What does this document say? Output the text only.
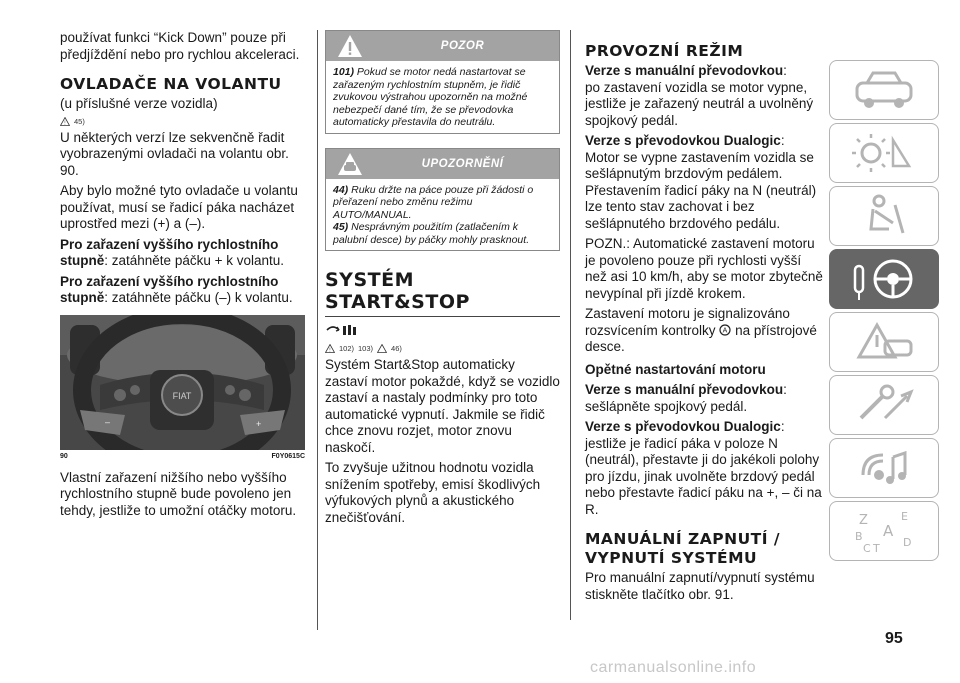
používat funkci “Kick Down” pouze při předjíždění nebo pro rychlou akceleraci.

OVLADAČE NA VOLANTU

(u příslušné verze vozidla)

! 45)

U některých verzí lze sekvenčně řadit vyobrazenými ovladači na volantu obr. 90.

Aby bylo možné tyto ovladače u volantu používat, musí se řadicí páka nacházet uprostřed mezi (+) a (–).

Pro zařazení vyššího rychlostního stupně: zatáhněte páčku + k volantu.

Pro zařazení vyššího rychlostního stupně: zatáhněte páčku (–) k volantu.

FIAT
–	+
90	F0Y0615C

Vlastní zařazení nižšího nebo vyššího rychlostního stupně bude povoleno jen tehdy, jestliže to umožní otáčky motoru.

POZOR
101) Pokud se motor nedá nastartovat se zařazeným rychlostním stupněm, je řidič zvukovou výstrahou upozorněn na možné nebezpečí dané tím, že se převodovka automaticky přestavila do neutrálu.
UPOZORNĚNÍ
44) Ruku držte na páce pouze při žádosti o přeřazení nebo změnu režimu AUTO/MANUAL.
45) Nesprávným použitím (zatlačením k palubní desce) by páčky mohly prasknout.
SYSTÉM
START&STOP
! 102) 103) 46)

Systém Start&Stop automaticky zastaví motor pokaždé, když se vozidlo zastaví a nastaly podmínky pro toto automatické vypnutí. Jakmile se řidič chce znovu rozjet, motor znovu naskočí.

To zvyšuje užitnou hodnotu vozidla snížením spotřeby, emisí škodlivých výfukových plynů a akustického znečišťování.

PROVOZNÍ REŽIM

Verze s manuální převodovkou:
po zastavení vozidla se motor vypne, jestliže je zařazený neutrál a uvolněný spojkový pedál.

Verze s převodovkou Dualogic:
Motor se vypne zastavením vozidla se sešlápnutým brzdovým pedálem. Přestavením řadicí páky na N (neutrál) lze tento stav zachovat i bez sešlápnutého brzdového pedálu.

POZN.: Automatické zastavení motoru je povoleno pouze při rychlosti vyšší než asi 10 km/h, aby se motor zbytečně nevypínal při jízdě krokem.

Zastavení motoru je signalizováno rozsvícením kontrolky A na přístrojové desce.

Opětné nastartování motoru

Verze s manuální převodovkou:
sešlápněte spojkový pedál.

Verze s převodovkou Dualogic:
jestliže je řadicí páka v poloze N (neutrál), přestavte ji do jakékoli polohy pro jízdu, jinak uvolněte brzdový pedál nebo přestavte řadicí páku na +, – či na R.

MANUÁLNÍ ZAPNUTÍ /
VYPNUTÍ SYSTÉMU

Pro manuální zapnutí/vypnutí systému stiskněte tlačítko obr. 91.

Z	E
B A
C T D
95
carmanualsonline.info
